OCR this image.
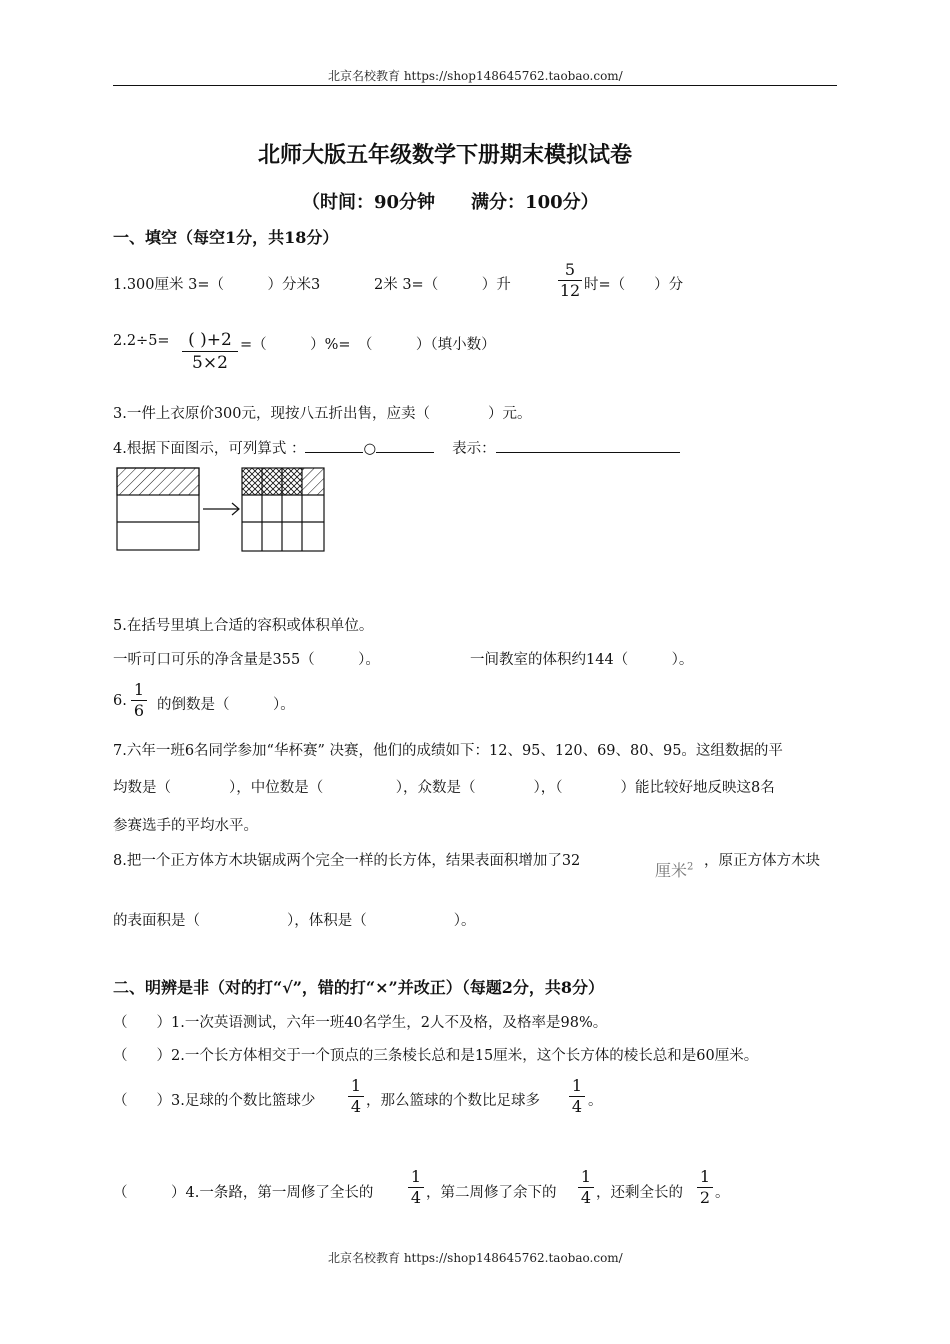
北京名校教育 https://shop148645762.taobao.com/
北师大版五年级数学下册期末模拟试卷
（时间：90分钟　　满分：100分）
一、填空（每空1分，共18分）
1.300厘米 3=（　　　）分米3	2米 3=（　　　）升
5
12 时=（　　）分
2.2÷5=	( )+2
5×2
=（　　　）%=　（　　　）（填小数）
3.一件上衣原价300元，现按八五折出售，应卖（　　　　）元。
4.根据下面图示，可列算式 ：	○	表示：
5.在括号里填上合适的容积或体积单位。
一听可口可乐的净含量是355（　　　）。	一间教室的体积约144（　　　）。
6.
1
6 的倒数是（　　　）。
7.六年一班6名同学参加“华杯赛” 决赛，他们的成绩如下：12、95、120、69、80、95。这组数据的平
均数是（　　　　），中位数是（　　　　　），众数是（　　　　），（　　　　）能比较好地反映这8名
参赛选手的平均水平。
8.把一个正方体方木块锯成两个完全一样的长方体，结果表面积增加了32	厘米$^2$ ，原正方体方木块
的表面积是（　　　　　　），体积是（　　　　　　）。
二、明辨是非（对的打“√”，错的打“×”并改正）（每题2分，共8分）
（　　）1.一次英语测试，六年一班40名学生，2人不及格，及格率是98%。
（　　）2.一个长方体相交于一个顶点的三条棱长总和是15厘米，这个长方体的棱长总和是60厘米。
（　　）3.足球的个数比篮球少
1
4 ，那么篮球的个数比足球多
1
4 。
（　　　）4.一条路，第一周修了全长的
1
4 ，第二周修了余下的
1
4 ，还剩全长的
1
2 。
北京名校教育 https://shop148645762.taobao.com/
